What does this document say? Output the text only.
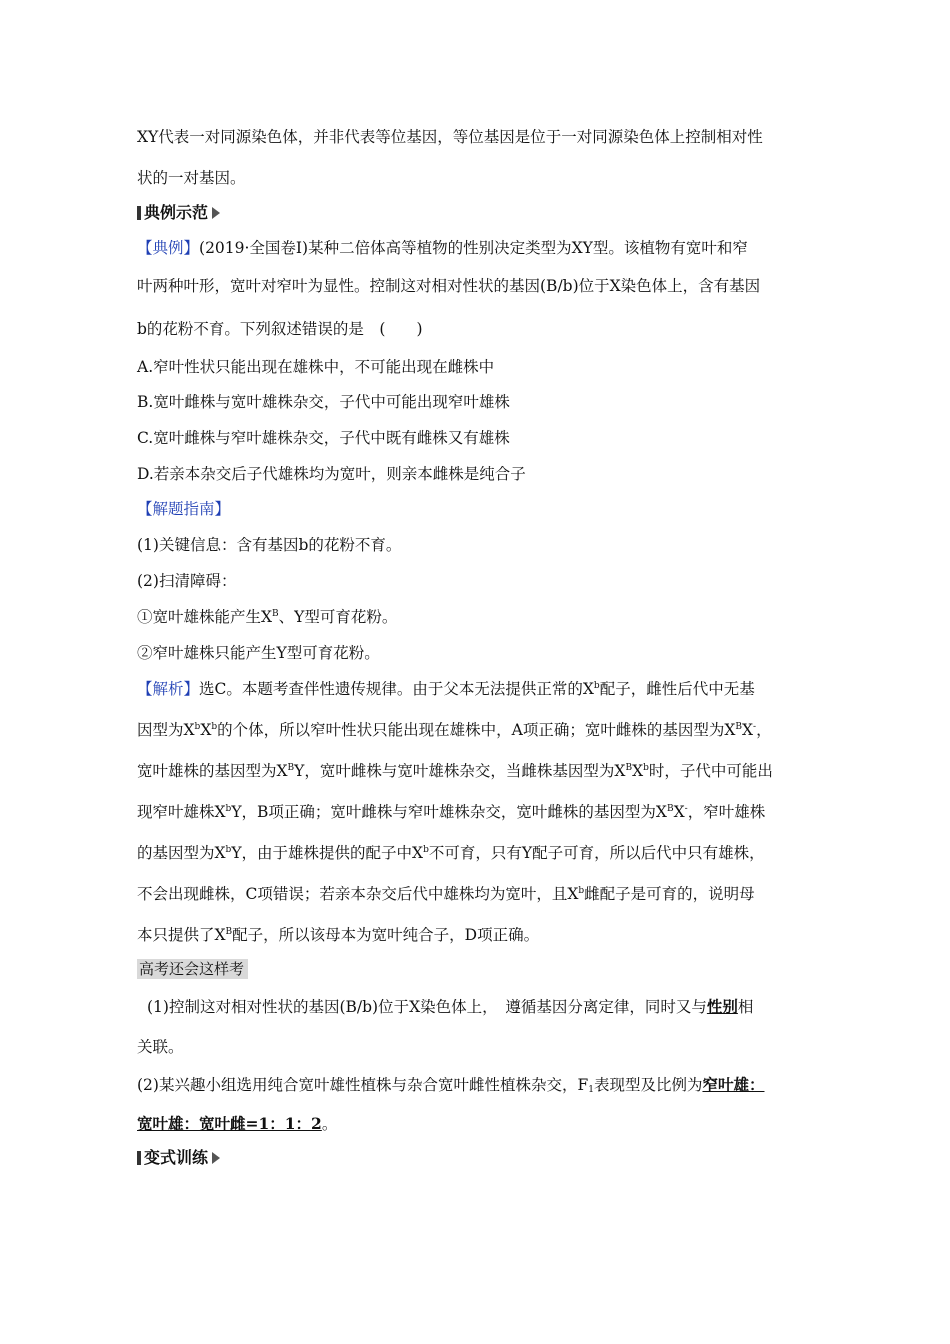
XY代表一对同源染色体，并非代表等位基因，等位基因是位于一对同源染色体上控制相对性
状的一对基因。
典例示范
【典例】(2019·全国卷Ⅰ)某种二倍体高等植物的性别决定类型为XY型。该植物有宽叶和窄
叶两种叶形，宽叶对窄叶为显性。控制这对相对性状的基因(B/b)位于X染色体上，含有基因
b的花粉不育。下列叙述错误的是　(　　)
A.窄叶性状只能出现在雄株中，不可能出现在雌株中
B.宽叶雌株与宽叶雄株杂交，子代中可能出现窄叶雄株
C.宽叶雌株与窄叶雄株杂交，子代中既有雌株又有雄株
D.若亲本杂交后子代雄株均为宽叶，则亲本雌株是纯合子
【解题指南】
(1)关键信息：含有基因b的花粉不育。
(2)扫清障碍：
①宽叶雄株能产生$X^B$、Y型可育花粉。
②窄叶雄株只能产生Y型可育花粉。
【解析】选C。本题考查伴性遗传规律。由于父本无法提供正常的$X^b$配子，雌性后代中无基
因型为$X^bX^b$的个体，所以窄叶性状只能出现在雄株中，A项正确；宽叶雌株的基因型为$X^BX^-$，
宽叶雄株的基因型为$X^BY$，宽叶雌株与宽叶雄株杂交，当雌株基因型为$X^BX^b$时，子代中可能出
现窄叶雄株$X^bY$，B项正确；宽叶雌株与窄叶雄株杂交，宽叶雌株的基因型为$X^BX^-$，窄叶雄株
的基因型为$X^bY$，由于雄株提供的配子中$X^b$不可育，只有Y配子可育，所以后代中只有雄株，
不会出现雌株，C项错误；若亲本杂交后代中雄株均为宽叶，且$X^b$雌配子是可育的，说明母
本只提供了$X^B$配子，所以该母本为宽叶纯合子，D项正确。
高考还会这样考
(1)控制这对相对性状的基因(B/b)位于X染色体上，　遵循基因分离定律，同时又与性别相
关联。
(2)某兴趣小组选用纯合宽叶雄性植株与杂合宽叶雌性植株杂交，$F_1$表现型及比例为窄叶雄：
宽叶雄：宽叶雌=1：1：2。
变式训练
